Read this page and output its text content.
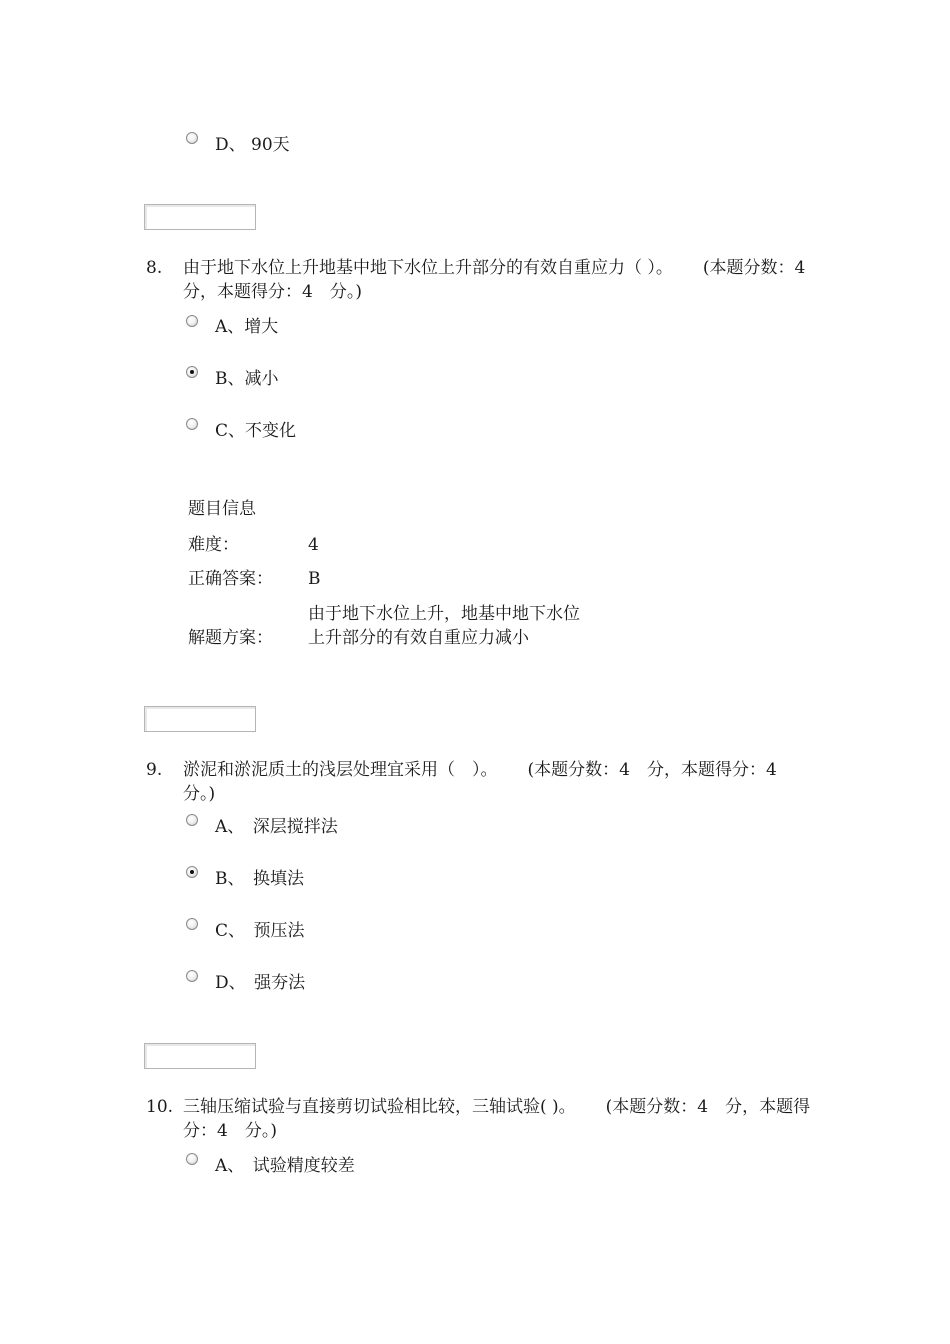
D、 90天
8. 由于地下水位上升地基中地下水位上升部分的有效自重应力（ ）。 (本题分数：4　分，本题得分：4　分。)
A、增大
B、减小
C、不变化
题目信息
难度：	4
正确答案： B
解题方案：
由于地下水位上升，地基中地下水位上升部分的有效自重应力减小
9. 淤泥和淤泥质土的浅层处理宜采用（　）。 (本题分数：4　分，本题得分：4　分。)
A、　深层搅拌法
B、　换填法
C、　预压法
D、　强夯法
10. 三轴压缩试验与直接剪切试验相比较，三轴试验( )。 (本题分数：4　分，本题得分：4　分。)
A、　试验精度较差
